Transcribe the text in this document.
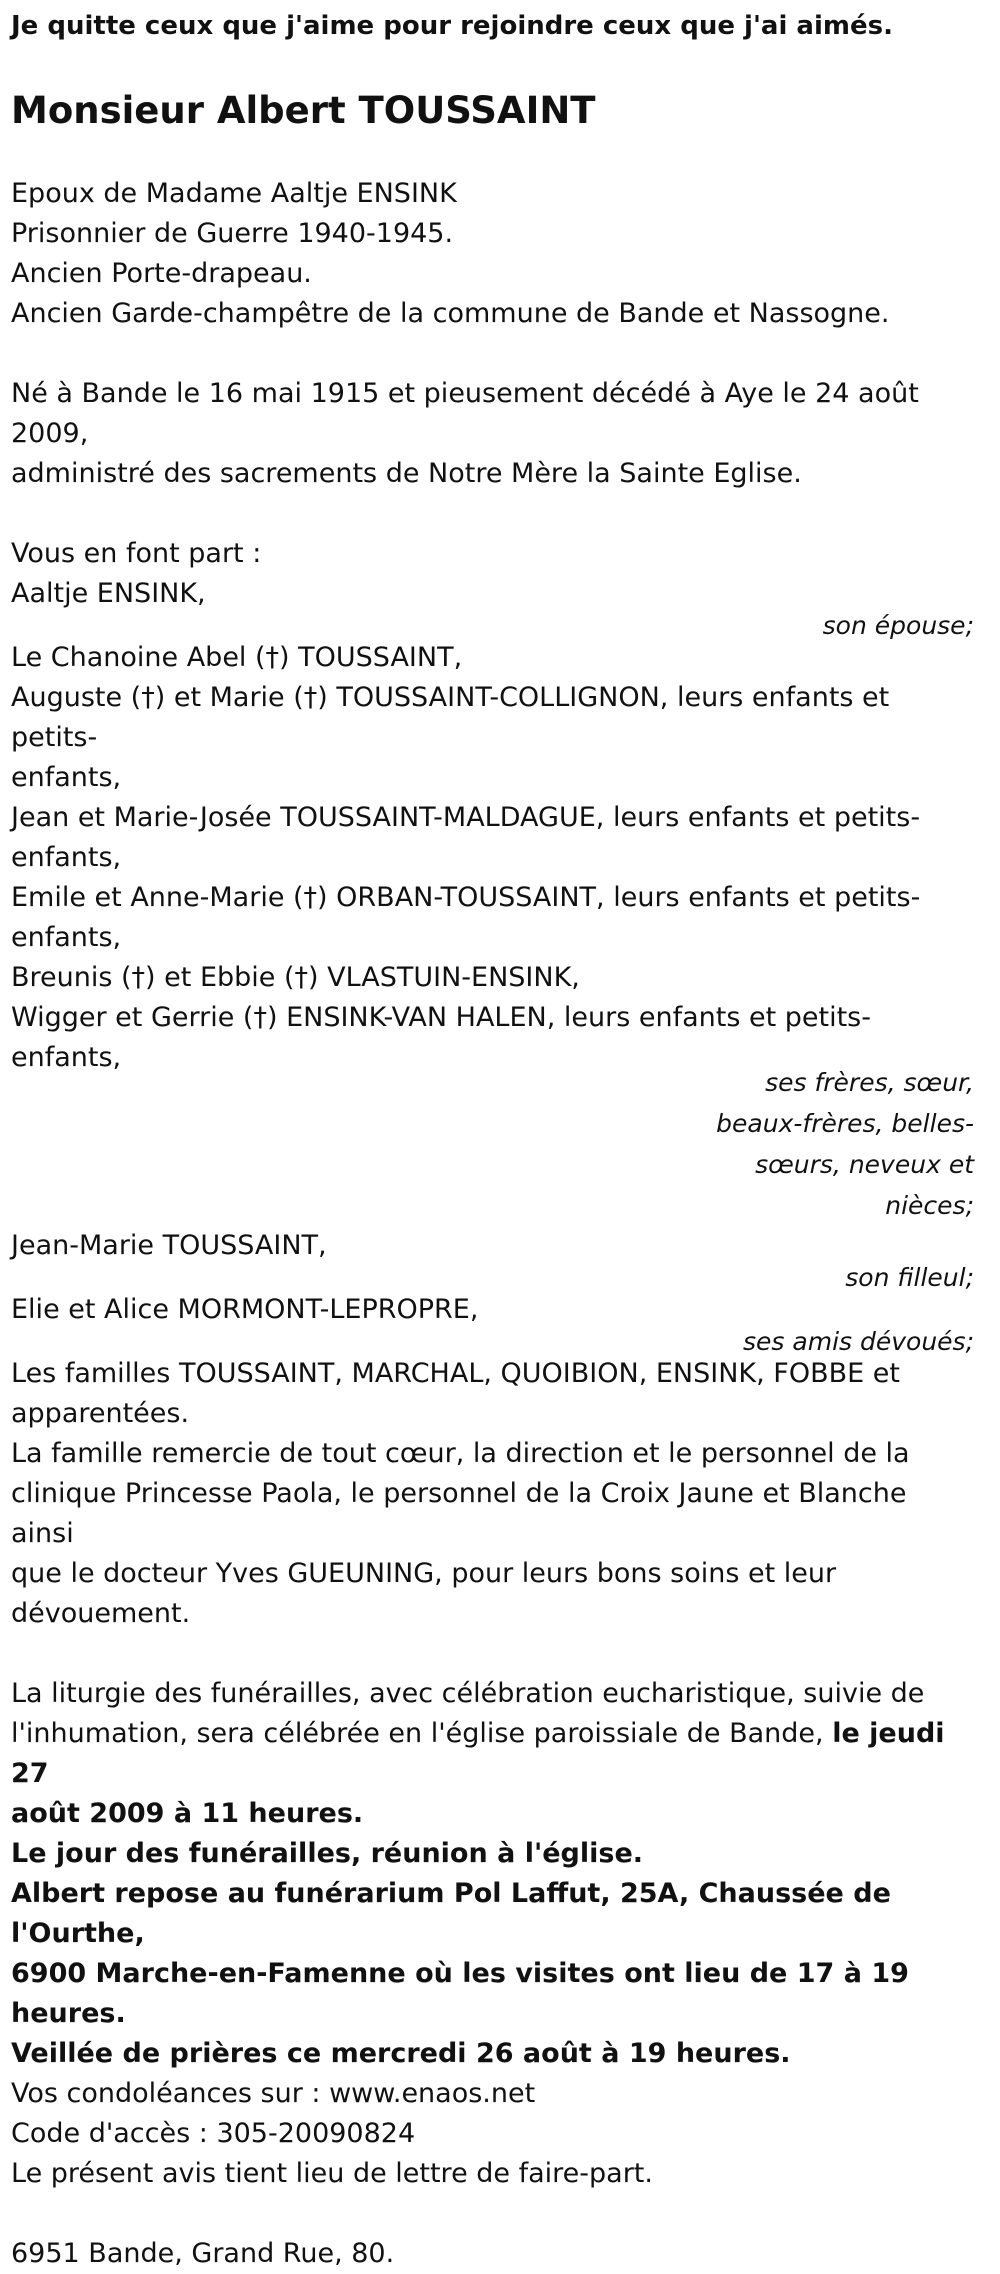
Je quitte ceux que j'aime pour rejoindre ceux que j'ai aimés.

Monsieur Albert TOUSSAINT
Epoux de Madame Aaltje ENSINK
Prisonnier de Guerre 1940-1945.
Ancien Porte-drapeau.
Ancien Garde-champêtre de la commune de Bande et Nassogne.
Né à Bande le 16 mai 1915 et pieusement décédé à Aye le 24 août 2009,
administré des sacrements de Notre Mère la Sainte Eglise.
Vous en font part :
Aaltje ENSINK,
son épouse;
Le Chanoine Abel (†) TOUSSAINT,
Auguste (†) et Marie (†) TOUSSAINT-COLLIGNON, leurs enfants et petits-
enfants,
Jean et Marie-Josée TOUSSAINT-MALDAGUE, leurs enfants et petits-
enfants,
Emile et Anne-Marie (†) ORBAN-TOUSSAINT, leurs enfants et petits-
enfants,
Breunis (†) et Ebbie (†) VLASTUIN-ENSINK,
Wigger et Gerrie (†) ENSINK-VAN HALEN, leurs enfants et petits-enfants,
ses frères, sœur,
beaux-frères, belles-
sœurs, neveux et
nièces;
Jean-Marie TOUSSAINT,
son filleul;
Elie et Alice MORMONT-LEPROPRE,
ses amis dévoués;
Les familles TOUSSAINT, MARCHAL, QUOIBION, ENSINK, FOBBE et
apparentées.
La famille remercie de tout cœur, la direction et le personnel de la
clinique Princesse Paola, le personnel de la Croix Jaune et Blanche ainsi
que le docteur Yves GUEUNING, pour leurs bons soins et leur
dévouement.
La liturgie des funérailles, avec célébration eucharistique, suivie de
l'inhumation, sera célébrée en l'église paroissiale de Bande, le jeudi 27
août 2009 à 11 heures.
Le jour des funérailles, réunion à l'église.
Albert repose au funérarium Pol Laffut, 25A, Chaussée de l'Ourthe,
6900 Marche-en-Famenne où les visites ont lieu de 17 à 19 heures.
Veillée de prières ce mercredi 26 août à 19 heures.
Vos condoléances sur : www.enaos.net
Code d'accès : 305-20090824
Le présent avis tient lieu de lettre de faire-part.
6951 Bande, Grand Rue, 80.
